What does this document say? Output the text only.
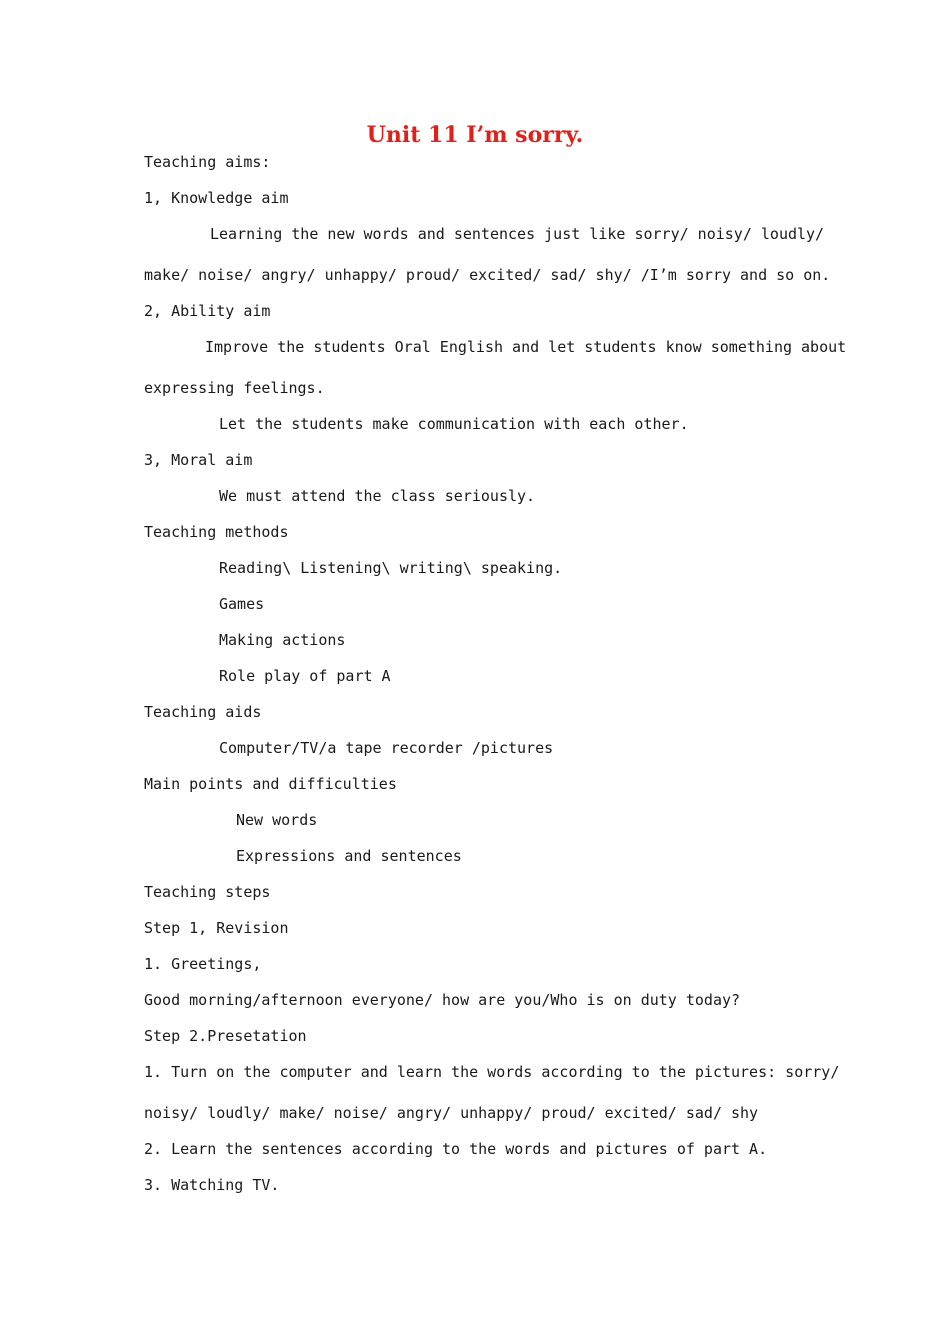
Unit 11 I’m sorry.

Teaching aims:

1, Knowledge aim

Learning the new words and sentences just like sorry/ noisy/ loudly/

make/ noise/ angry/ unhappy/ proud/ excited/ sad/ shy/ /I’m sorry and so on.

2, Ability aim

Improve the students Oral English and let students know something about

expressing feelings.

Let the students make communication with each other.

3, Moral aim

We must attend the class seriously.

Teaching methods

Reading\ Listening\ writing\ speaking.

Games

Making actions

Role play of part A

Teaching aids

Computer/TV/a tape recorder /pictures

Main points and difficulties

New words

Expressions and sentences

Teaching steps

Step 1, Revision

1. Greetings,

Good morning/afternoon everyone/ how are you/Who is on duty today?

Step 2.Presetation

1. Turn on the computer and learn the words according to the pictures: sorry/

noisy/ loudly/ make/ noise/ angry/ unhappy/ proud/ excited/ sad/ shy

2. Learn the sentences according to the words and pictures of part A.

3. Watching TV.
